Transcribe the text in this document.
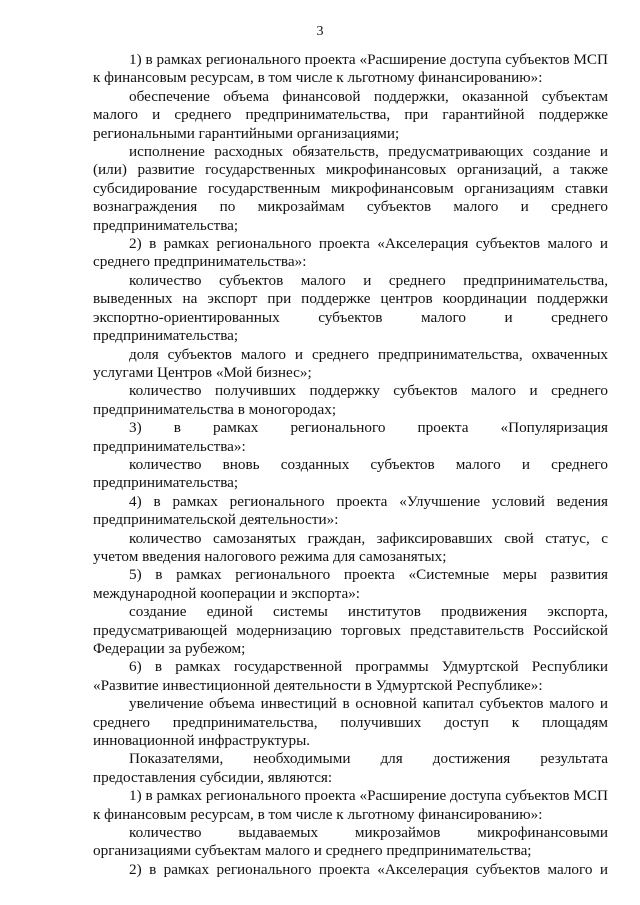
3

1) в рамках регионального проекта «Расширение доступа субъектов МСП к финансовым ресурсам, в том числе к льготному финансированию»:

обеспечение объема финансовой поддержки, оказанной субъектам малого и среднего предпринимательства, при гарантийной поддержке региональными гарантийными организациями;

исполнение расходных обязательств, предусматривающих создание и (или) развитие государственных микрофинансовых организаций, а также субсидирование государственным микрофинансовым организациям ставки вознаграждения по микрозаймам субъектов малого и среднего предпринимательства;

2) в рамках регионального проекта «Акселерация субъектов малого и среднего предпринимательства»:

количество субъектов малого и среднего предпринимательства, выведенных на экспорт при поддержке центров координации поддержки экспортно-ориентированных субъектов малого и среднего предпринимательства;

доля субъектов малого и среднего предпринимательства, охваченных услугами Центров «Мой бизнес»;

количество получивших поддержку субъектов малого и среднего предпринимательства в моногородах;

3) в рамках регионального проекта «Популяризация предпринимательства»:

количество вновь созданных субъектов малого и среднего предпринимательства;

4) в рамках регионального проекта «Улучшение условий ведения предпринимательской деятельности»:

количество самозанятых граждан, зафиксировавших свой статус, с учетом введения налогового режима для самозанятых;

5) в рамках регионального проекта «Системные меры развития международной кооперации и экспорта»:

создание единой системы институтов продвижения экспорта, предусматривающей модернизацию торговых представительств Российской Федерации за рубежом;

6) в рамках государственной программы Удмуртской Республики «Развитие инвестиционной деятельности в Удмуртской Республике»:

увеличение объема инвестиций в основной капитал субъектов малого и среднего предпринимательства, получивших доступ к площадям инновационной инфраструктуры.

Показателями, необходимыми для достижения результата предоставления субсидии, являются:

1) в рамках регионального проекта «Расширение доступа субъектов МСП к финансовым ресурсам, в том числе к льготному финансированию»:

количество выдаваемых микрозаймов микрофинансовыми организациями субъектам малого и среднего предпринимательства;

2) в рамках регионального проекта «Акселерация субъектов малого и
